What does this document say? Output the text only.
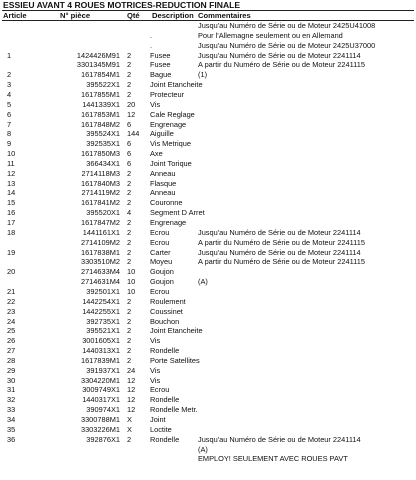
ESSIEU AVANT 4 ROUES MOTRICES-REDUCTION FINALE
Article	N° pièce	Qté Description Commentaires
Jusqu'au Numéro de Série ou de Moteur 2425U41008
.	Pour l'Allemagne seulement ou en Allemand
.	Jusqu'au Numéro de Série ou de Moteur 2425U37000
1	1424426M91 2	Fusee	Jusqu'au Numéro de Série ou de Moteur 2241114
3301345M91 2	Fusee	A partir du Numéro de Série ou de Moteur 2241115
2	1617854M1 2	Bague	(1)
3	395522X1 2	Joint Etancheite
4	1617855M1 2	Protecteur
5	1441339X1 20 Vis
6	1617853M1 12 Cale Reglage
7	1617848M2 6	Engrenage
8	395524X1 144 Aiguille
9	392535X1 6	Vis Metrique
10	1617850M3 6	Axe
11	366434X1 6	Joint Torique
12	2714118M3 2	Anneau
13	1617840M3 2	Flasque
14	2714119M2 2	Anneau
15	1617841M2 2	Couronne
16	395520X1 4	Segment D Arret
17	1617847M2 2	Engrenage
18	1441161X1 2	Ecrou	Jusqu'au Numéro de Série ou de Moteur 2241114
2714109M2 2	Ecrou	A partir du Numéro de Série ou de Moteur 2241115
19	1617838M1 2	Carter	Jusqu'au Numéro de Série ou de Moteur 2241114
3303510M2 2	Moyeu	A partir du Numéro de Série ou de Moteur 2241115
20	2714633M4 10 Goujon
2714631M4 10 Goujon	(A)
21	392501X1 10 Ecrou
22	1442254X1 2	Roulement
23	1442255X1 2	Coussinet
24	392735X1 2	Bouchon
25	395521X1 2	Joint Etancheite
26	3001605X1 2	Vis
27	1440313X1 2	Rondelle
28	1617839M1 2	Porte Satellites
29	391937X1 24 Vis
30	3304220M1 12 Vis
31	3009749X1 12 Ecrou
32	1440317X1 12 Rondelle
33	390974X1 12 Rondelle Metr.
34	3300788M1 X Joint
35	3303226M1 X Loctite
36	392876X1 2	Rondelle	Jusqu'au Numéro de Série ou de Moteur 2241114
(A)
EMPLOY! SEULEMENT AVEC ROUES PAVT
